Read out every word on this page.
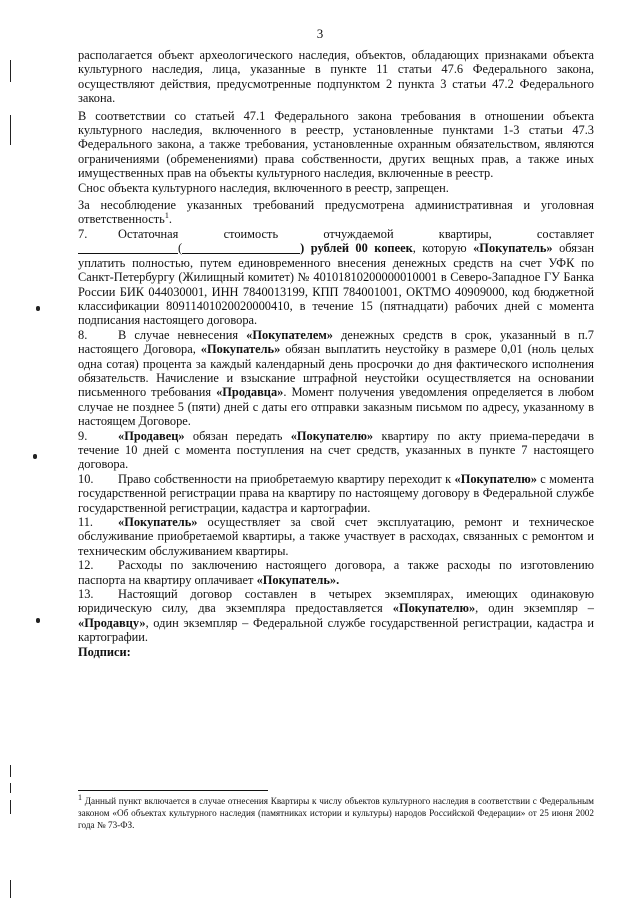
3

располагается объект археологического наследия, объектов, обладающих признаками объекта культурного наследия, лица, указанные в пункте 11 статьи 47.6 Федерального закона, осуществляют действия, предусмотренные подпунктом 2 пункта 3 статьи 47.2 Федерального закона.

В соответствии со статьей 47.1 Федерального закона требования в отношении объекта культурного наследия, включенного в реестр, установленные пунктами 1-3 статьи 47.3 Федерального закона, а также требования, установленные охранным обязательством, являются ограничениями (обременениями) права собственности, других вещных прав, а также иных имущественных прав на объекты культурного наследия, включенные в реестр.

Снос объекта культурного наследия, включенного в реестр, запрещен.

За несоблюдение указанных требований предусмотрена административная и уголовная ответственность$^1$.

7. Остаточная стоимость отчуждаемой квартиры, составляет
(	) рублей 00 копеек, которую «Покупатель» обязан уплатить полностью, путем единовременного внесения денежных средств на счет УФК по Санкт-Петербургу (Жилищный комитет) № 40101810200000010001 в Северо-Западное ГУ Банка России БИК 044030001, ИНН 7840013199, КПП 784001001, ОКТМО 40909000, код бюджетной классификации 80911401020020000410, в течение 15 (пятнадцати) рабочих дней с момента подписания настоящего договора.

8. В случае невнесения «Покупателем» денежных средств в срок, указанный в п.7 настоящего Договора, «Покупатель» обязан выплатить неустойку в размере 0,01 (ноль целых одна сотая) процента за каждый календарный день просрочки до дня фактического исполнения обязательств. Начисление и взыскание штрафной неустойки осуществляется на основании письменного требования «Продавца». Момент получения уведомления определяется в любом случае не позднее 5 (пяти) дней с даты его отправки заказным письмом по адресу, указанному в настоящем Договоре.

9. «Продавец» обязан передать «Покупателю» квартиру по акту приема-передачи в течение 10 дней с момента поступления на счет средств, указанных в пункте 7 настоящего договора.

10. Право собственности на приобретаемую квартиру переходит к «Покупателю» с момента государственной регистрации права на квартиру по настоящему договору в Федеральной службе государственной регистрации, кадастра и картографии.

11. «Покупатель» осуществляет за свой счет эксплуатацию, ремонт и техническое обслуживание приобретаемой квартиры, а также участвует в расходах, связанных с ремонтом и техническим обслуживанием квартиры.

12. Расходы по заключению настоящего договора, а также расходы по изготовлению паспорта на квартиру оплачивает «Покупатель».

13. Настоящий договор составлен в четырех экземплярах, имеющих одинаковую юридическую силу, два экземпляра предоставляется «Покупателю», один экземпляр – «Продавцу», один экземпляр – Федеральной службе государственной регистрации, кадастра и картографии.

Подписи:

$^1$ Данный пункт включается в случае отнесения Квартиры к числу объектов культурного наследия в соответствии с Федеральным законом «Об объектах культурного наследия (памятниках истории и культуры) народов Российской Федерации» от 25 июня 2002 года № 73-ФЗ.
